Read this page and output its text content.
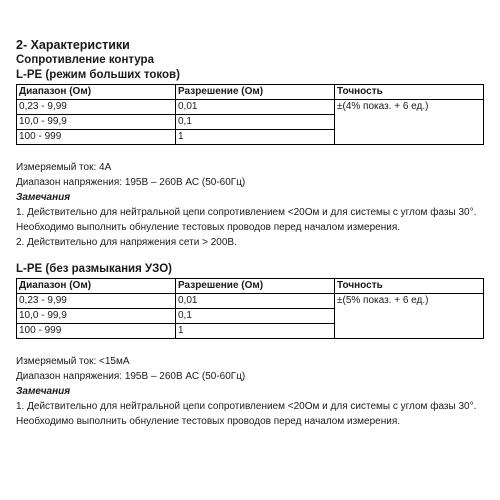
2- Характеристики

Сопротивление контура

L-PE (режим больших токов)

Диапазон (Ом)	Разрешение (Ом)	Точность
0,23 - 9,99	0,01	±(4% показ. + 6 ед.)
10,0 - 99,9	0,1	
100 - 999	1	

Измеряемый ток: 4А

Диапазон напряжения: 195В – 260В АС (50-60Гц)

Замечания

1. Действительно для нейтральной цепи сопротивлением <20Ом и для системы с углом фазы 30°.

Необходимо выполнить обнуление тестовых проводов перед началом измерения.

2. Действительно для напряжения сети > 200В.

L-PE (без размыкания УЗО)

Диапазон (Ом)	Разрешение (Ом)	Точность
0,23 - 9,99	0,01	±(5% показ. + 6 ед.)
10,0 - 99,9	0,1	
100 - 999	1	

Измеряемый ток: <15мА

Диапазон напряжения: 195В – 260В АС (50-60Гц)

Замечания

1. Действительно для нейтральной цепи сопротивлением <20Ом и для системы с углом фазы 30°.

Необходимо выполнить обнуление тестовых проводов перед началом измерения.
